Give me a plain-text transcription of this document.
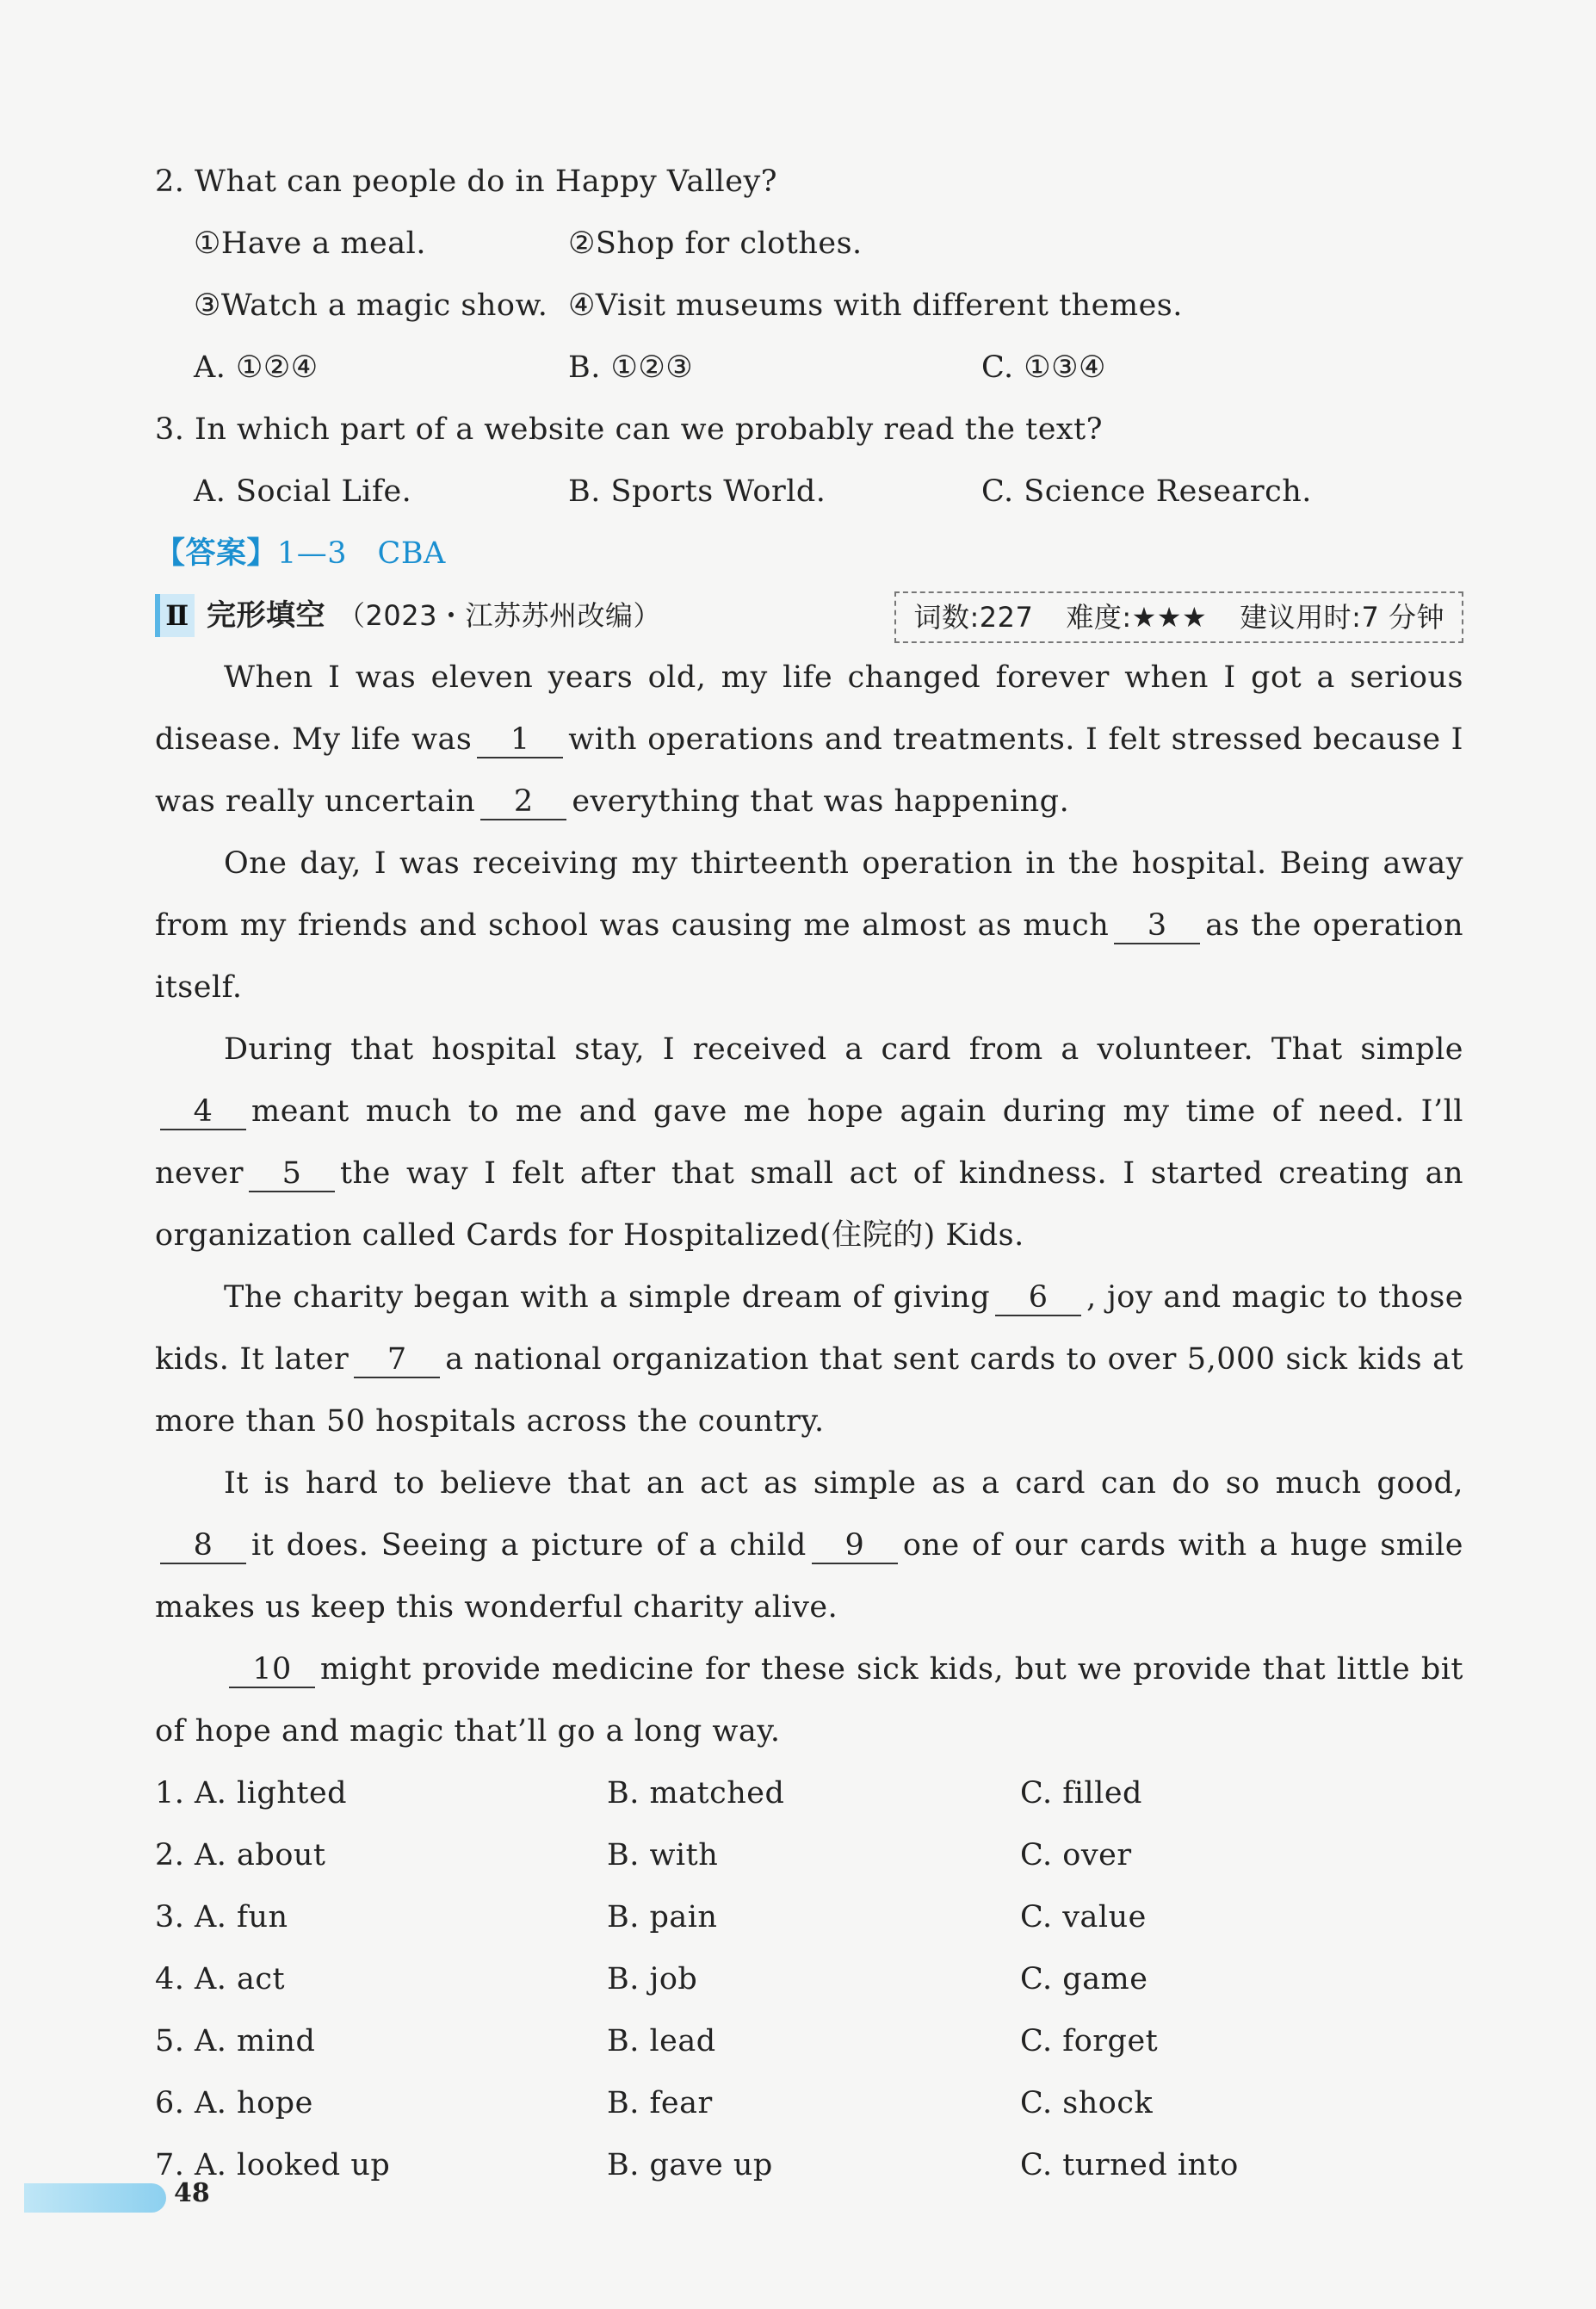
2. What can people do in Happy Valley?
①Have a meal.	②Shop for clothes.
③Watch a magic show. ④Visit museums with different themes.
A. ①②④	B. ①②③	C. ①③④
3. In which part of a website can we probably read the text?
A. Social Life.	B. Sports World.	C. Science Research.
【答案】1—3　CBA
Ⅱ 完形填空 （2023・江苏苏州改编）	词数:227 难度:★★★ 建议用时:7 分钟
When I was eleven years old, my life changed forever when I got a serious disease. My life was 1 with operations and treatments. I felt stressed because I was really uncertain 2 everything that was happening.
One day, I was receiving my thirteenth operation in the hospital. Being away from my friends and school was causing me almost as much 3 as the operation itself.
During that hospital stay, I received a card from a volunteer. That simple4 meant much to me and gave me hope again during my time of need. I’ll never 5 the way I felt after that small act of kindness. I started creating an organization called Cards for Hospitalized(住院的) Kids.
The charity began with a simple dream of giving 6 , joy and magic to those kids. It later 7 a national organization that sent cards to over 5,000 sick kids at more than 50 hospitals across the country.
It is hard to believe that an act as simple as a card can do so much good,8 it does. Seeing a picture of a child 9 one of our cards with a huge smile makes us keep this wonderful charity alive.
10 might provide medicine for these sick kids, but we provide that little bit of hope and magic that’ll go a long way.
1. A. lighted	B. matched	C. filled
2. A. about	B. with	C. over
3. A. fun	B. pain	C. value
4. A. act	B. job	C. game
5. A. mind	B. lead	C. forget
6. A. hope	B. fear	C. shock
7. A. looked up	B. gave up	C. turned into
48
